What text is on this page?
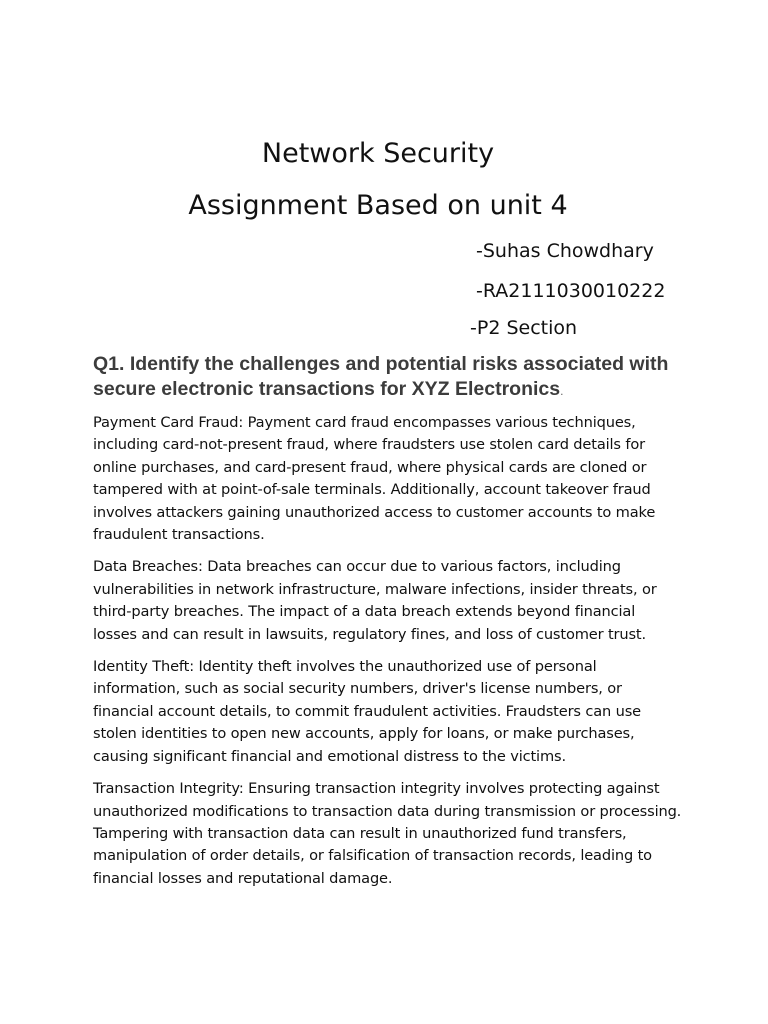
Network Security
Assignment Based on unit 4

-Suhas Chowdhary

-RA2111030010222

-P2 Section

Q1. Identify the challenges and potential risks associated with secure electronic transactions for XYZ Electronics.

Payment Card Fraud: Payment card fraud encompasses various techniques, including card-not-present fraud, where fraudsters use stolen card details for online purchases, and card-present fraud, where physical cards are cloned or tampered with at point-of-sale terminals. Additionally, account takeover fraud involves attackers gaining unauthorized access to customer accounts to make fraudulent transactions.

Data Breaches: Data breaches can occur due to various factors, including vulnerabilities in network infrastructure, malware infections, insider threats, or third-party breaches. The impact of a data breach extends beyond financial losses and can result in lawsuits, regulatory fines, and loss of customer trust.

Identity Theft: Identity theft involves the unauthorized use of personal information, such as social security numbers, driver's license numbers, or financial account details, to commit fraudulent activities. Fraudsters can use stolen identities to open new accounts, apply for loans, or make purchases, causing significant financial and emotional distress to the victims.

Transaction Integrity: Ensuring transaction integrity involves protecting against unauthorized modifications to transaction data during transmission or processing. Tampering with transaction data can result in unauthorized fund transfers, manipulation of order details, or falsification of transaction records, leading to financial losses and reputational damage.
